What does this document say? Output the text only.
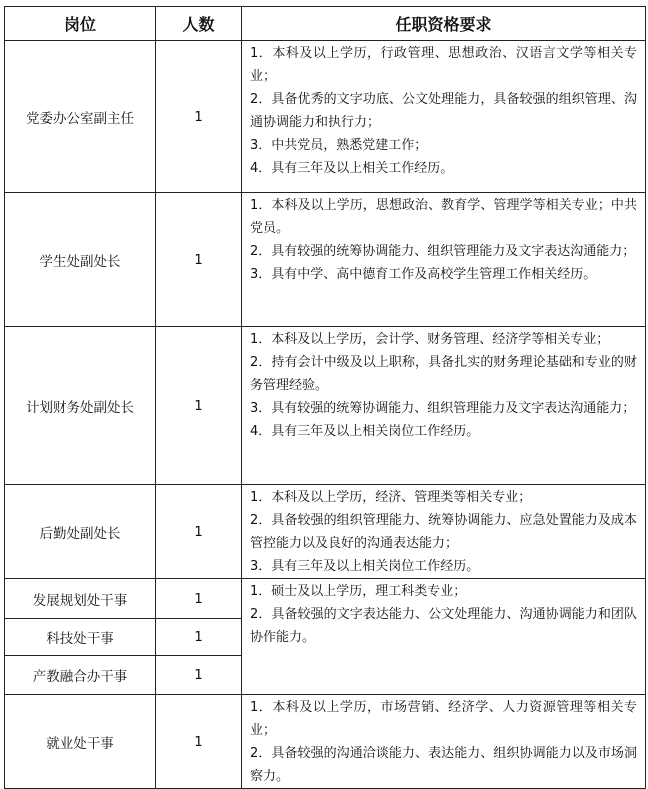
岗位	人数	任职资格要求
党委办公室副主任	1	1．本科及以上学历，行政管理、思想政治、汉语言文学等相关专业；

2．具备优秀的文字功底、公文处理能力，具备较强的组织管理、沟通协调能力和执行力；

3．中共党员，熟悉党建工作；

4．具有三年及以上相关工作经历。

学生处副处长	1	1．本科及以上学历，思想政治、教育学、管理学等相关专业；中共党员。

2．具有较强的统筹协调能力、组织管理能力及文字表达沟通能力；

3．具有中学、高中德育工作及高校学生管理工作相关经历。

计划财务处副处长	1	1．本科及以上学历，会计学、财务管理、经济学等相关专业；

2．持有会计中级及以上职称，具备扎实的财务理论基础和专业的财务管理经验。

3．具有较强的统筹协调能力、组织管理能力及文字表达沟通能力；

4．具有三年及以上相关岗位工作经历。

后勤处副处长	1	1．本科及以上学历，经济、管理类等相关专业；

2．具备较强的组织管理能力、统筹协调能力、应急处置能力及成本管控能力以及良好的沟通表达能力；

3．具有三年及以上相关岗位工作经历。

发展规划处干事	1	1．硕士及以上学历，理工科类专业；

2．具备较强的文字表达能力、公文处理能力、沟通协调能力和团队协作能力。

科技处干事	1	
产教融合办干事	1	
就业处干事	1	1．本科及以上学历，市场营销、经济学、人力资源管理等相关专业；

2．具备较强的沟通洽谈能力、表达能力、组织协调能力以及市场洞察力。
